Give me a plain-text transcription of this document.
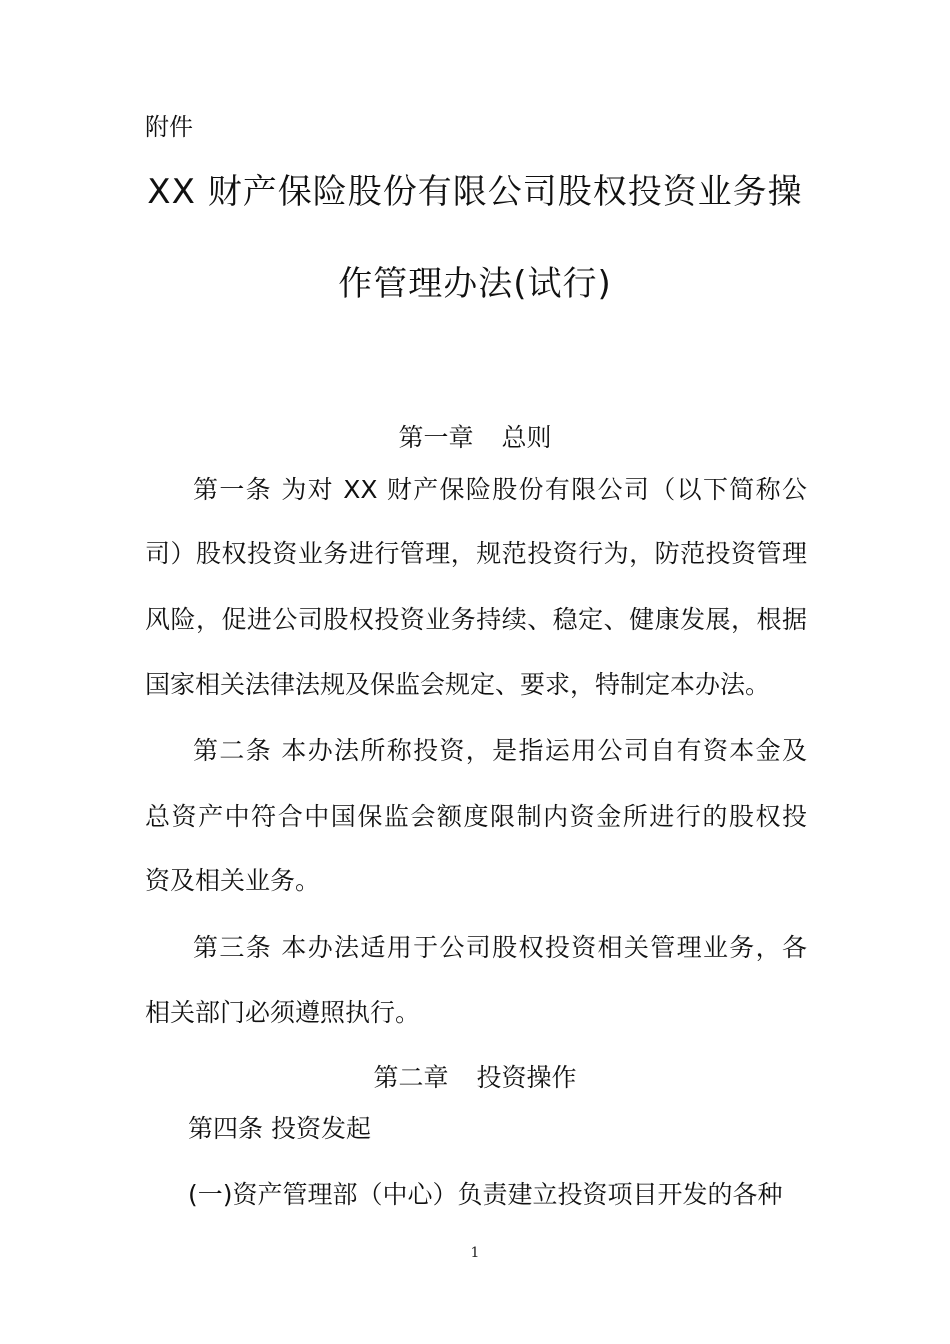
附件
XX 财产保险股份有限公司股权投资业务操
作管理办法(试行)
第一章 总则
第一条 为对 XX 财产保险股份有限公司（以下简称公
司）股权投资业务进行管理，规范投资行为，防范投资管理
风险，促进公司股权投资业务持续、稳定、健康发展，根据
国家相关法律法规及保监会规定、要求，特制定本办法。
第二条 本办法所称投资，是指运用公司自有资本金及
总资产中符合中国保监会额度限制内资金所进行的股权投
资及相关业务。
第三条 本办法适用于公司股权投资相关管理业务，各
相关部门必须遵照执行。
第二章 投资操作
第四条 投资发起
(一)资产管理部（中心）负责建立投资项目开发的各种
1
